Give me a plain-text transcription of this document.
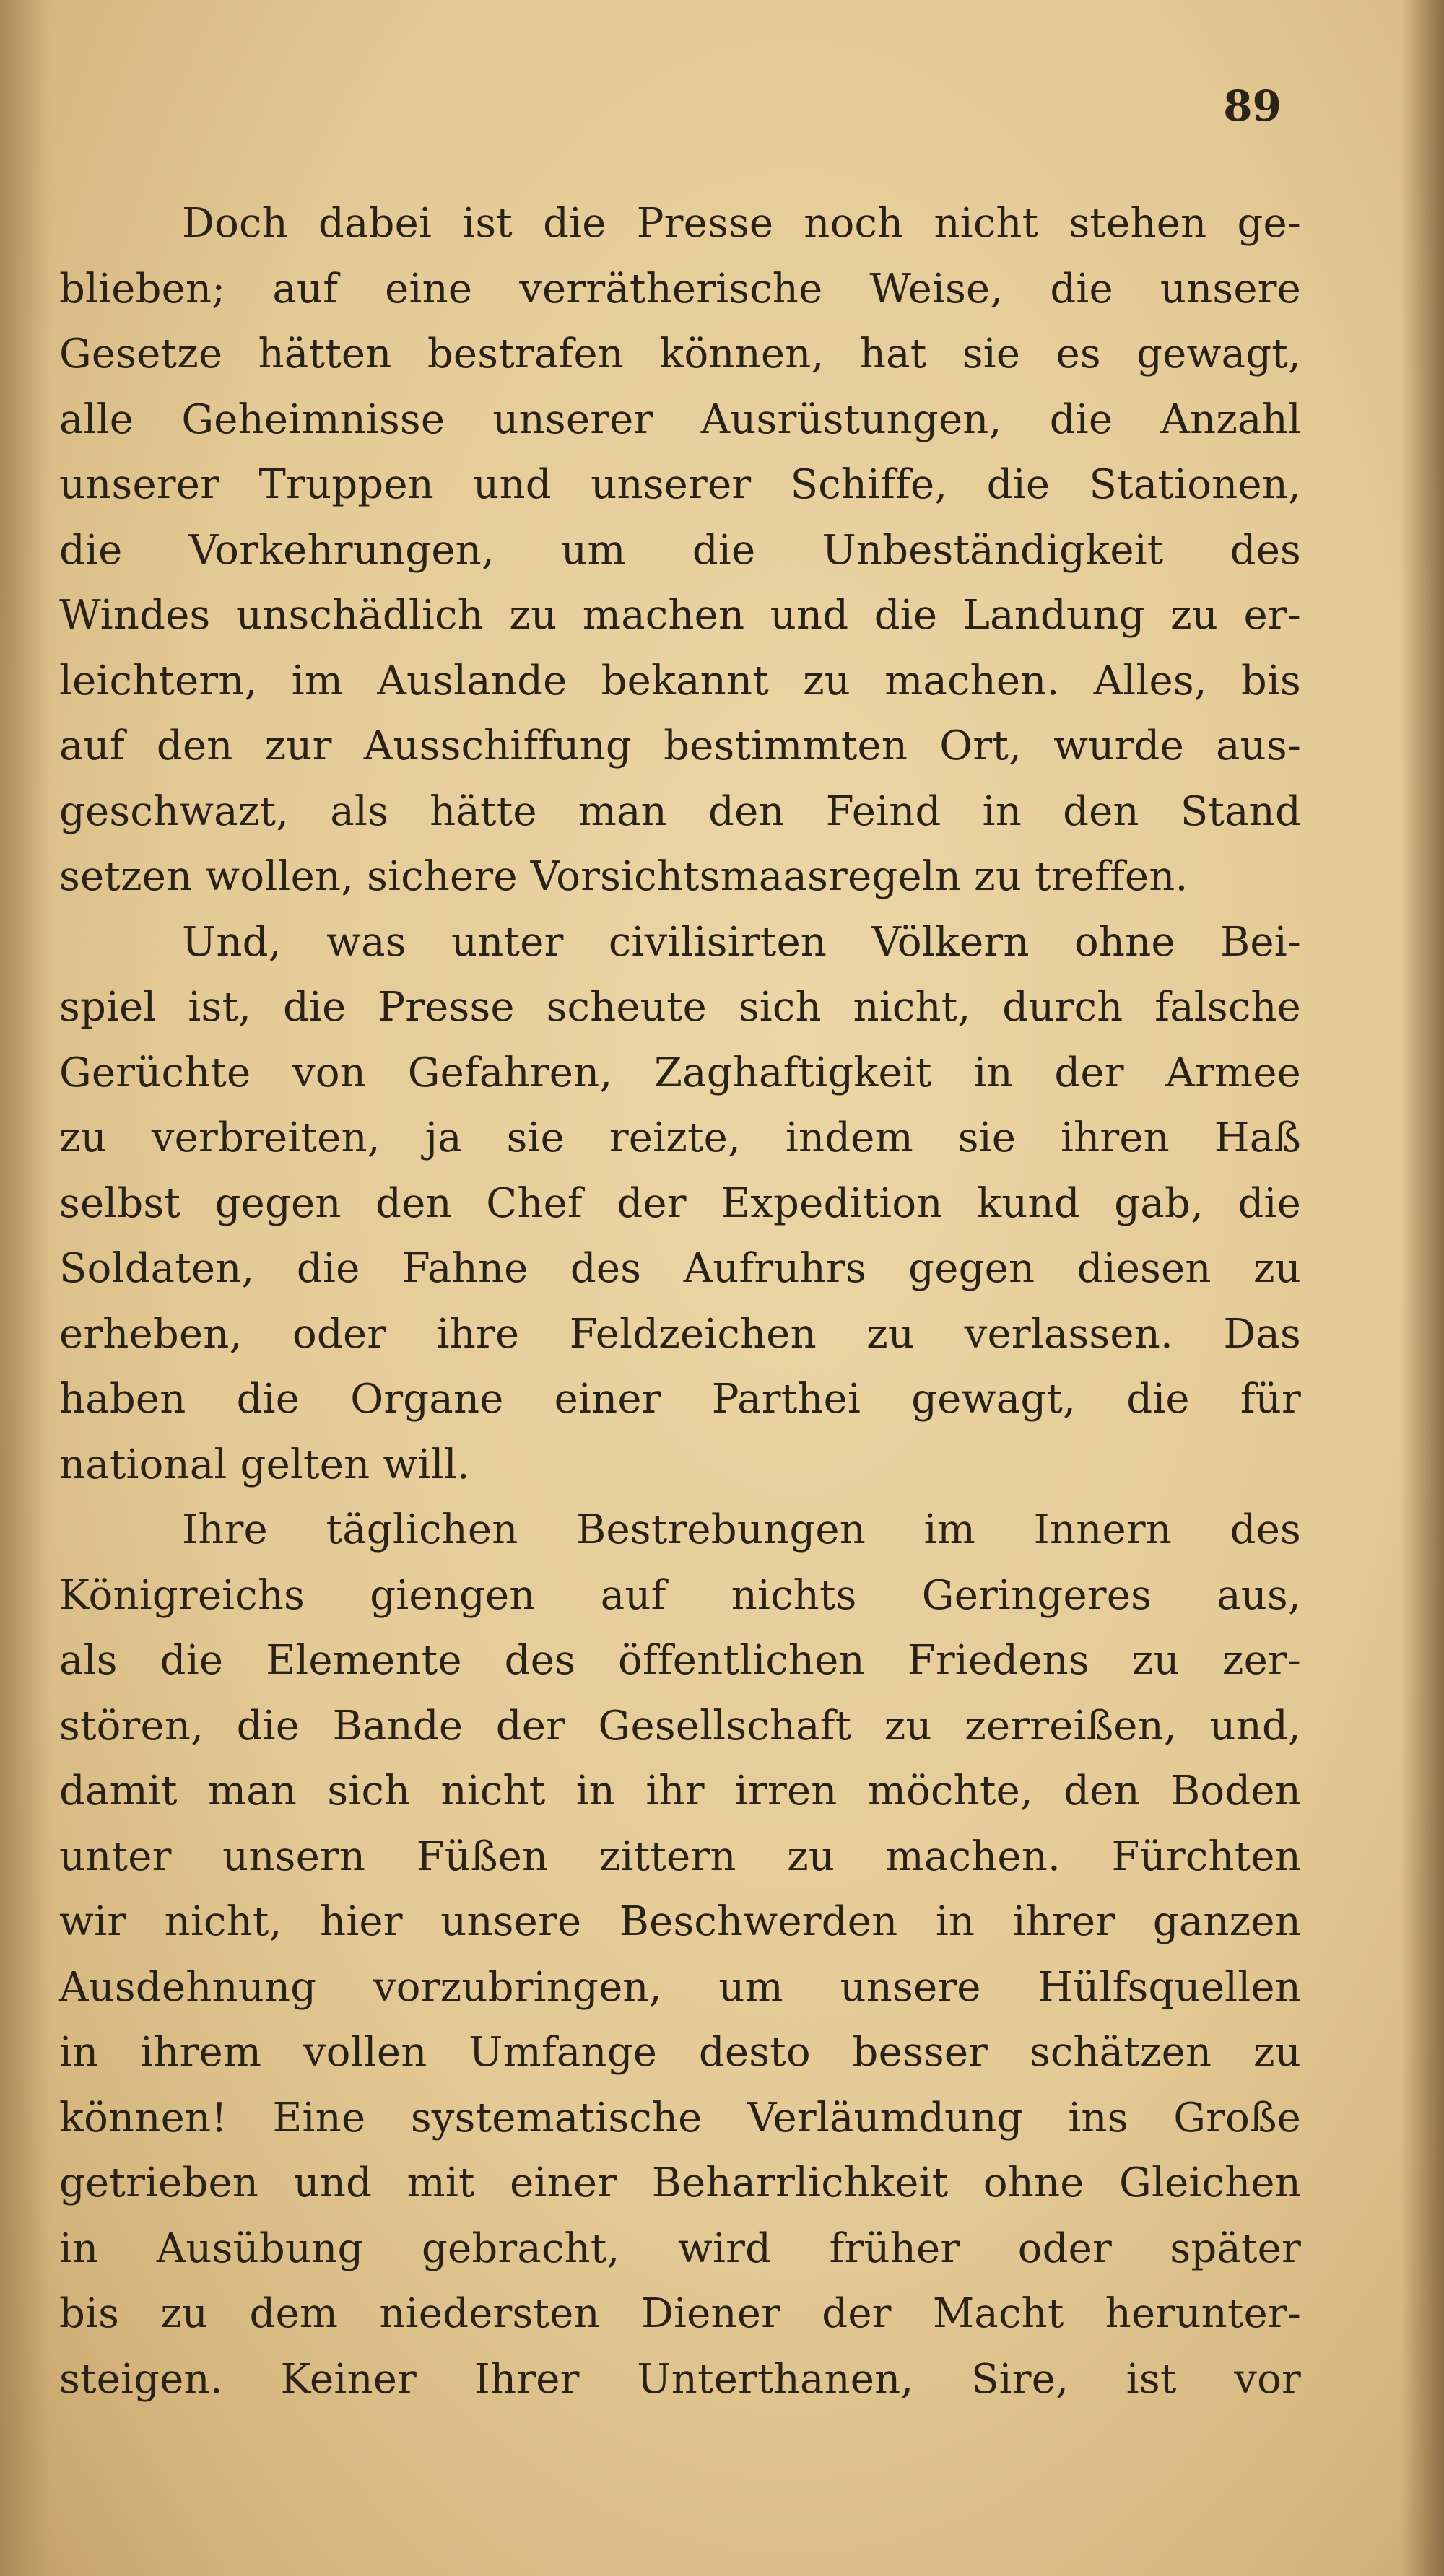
89
Doch dabei ist die Presse noch nicht stehen ge-
blieben; auf eine verrätherische Weise, die unsere
Gesetze hätten bestrafen können, hat sie es gewagt,
alle Geheimnisse unserer Ausrüstungen, die Anzahl
unserer Truppen und unserer Schiffe, die Stationen,
die Vorkehrungen, um die Unbeständigkeit des
Windes unschädlich zu machen und die Landung zu er-
leichtern, im Auslande bekannt zu machen. Alles, bis
auf den zur Ausschiffung bestimmten Ort, wurde aus-
geschwazt, als hätte man den Feind in den Stand
setzen wollen, sichere Vorsichtsmaasregeln zu treffen.
Und, was unter civilisirten Völkern ohne Bei-
spiel ist, die Presse scheute sich nicht, durch falsche
Gerüchte von Gefahren, Zaghaftigkeit in der Armee
zu verbreiten, ja sie reizte, indem sie ihren Haß
selbst gegen den Chef der Expedition kund gab, die
Soldaten, die Fahne des Aufruhrs gegen diesen zu
erheben, oder ihre Feldzeichen zu verlassen. Das
haben die Organe einer Parthei gewagt, die für
national gelten will.
Ihre täglichen Bestrebungen im Innern des
Königreichs giengen auf nichts Geringeres aus,
als die Elemente des öffentlichen Friedens zu zer-
stören, die Bande der Gesellschaft zu zerreißen, und,
damit man sich nicht in ihr irren möchte, den Boden
unter unsern Füßen zittern zu machen. Fürchten
wir nicht, hier unsere Beschwerden in ihrer ganzen
Ausdehnung vorzubringen, um unsere Hülfsquellen
in ihrem vollen Umfange desto besser schätzen zu
können! Eine systematische Verläumdung ins Große
getrieben und mit einer Beharrlichkeit ohne Gleichen
in Ausübung gebracht, wird früher oder später
bis zu dem niedersten Diener der Macht herunter-
steigen. Keiner Ihrer Unterthanen, Sire, ist vor
